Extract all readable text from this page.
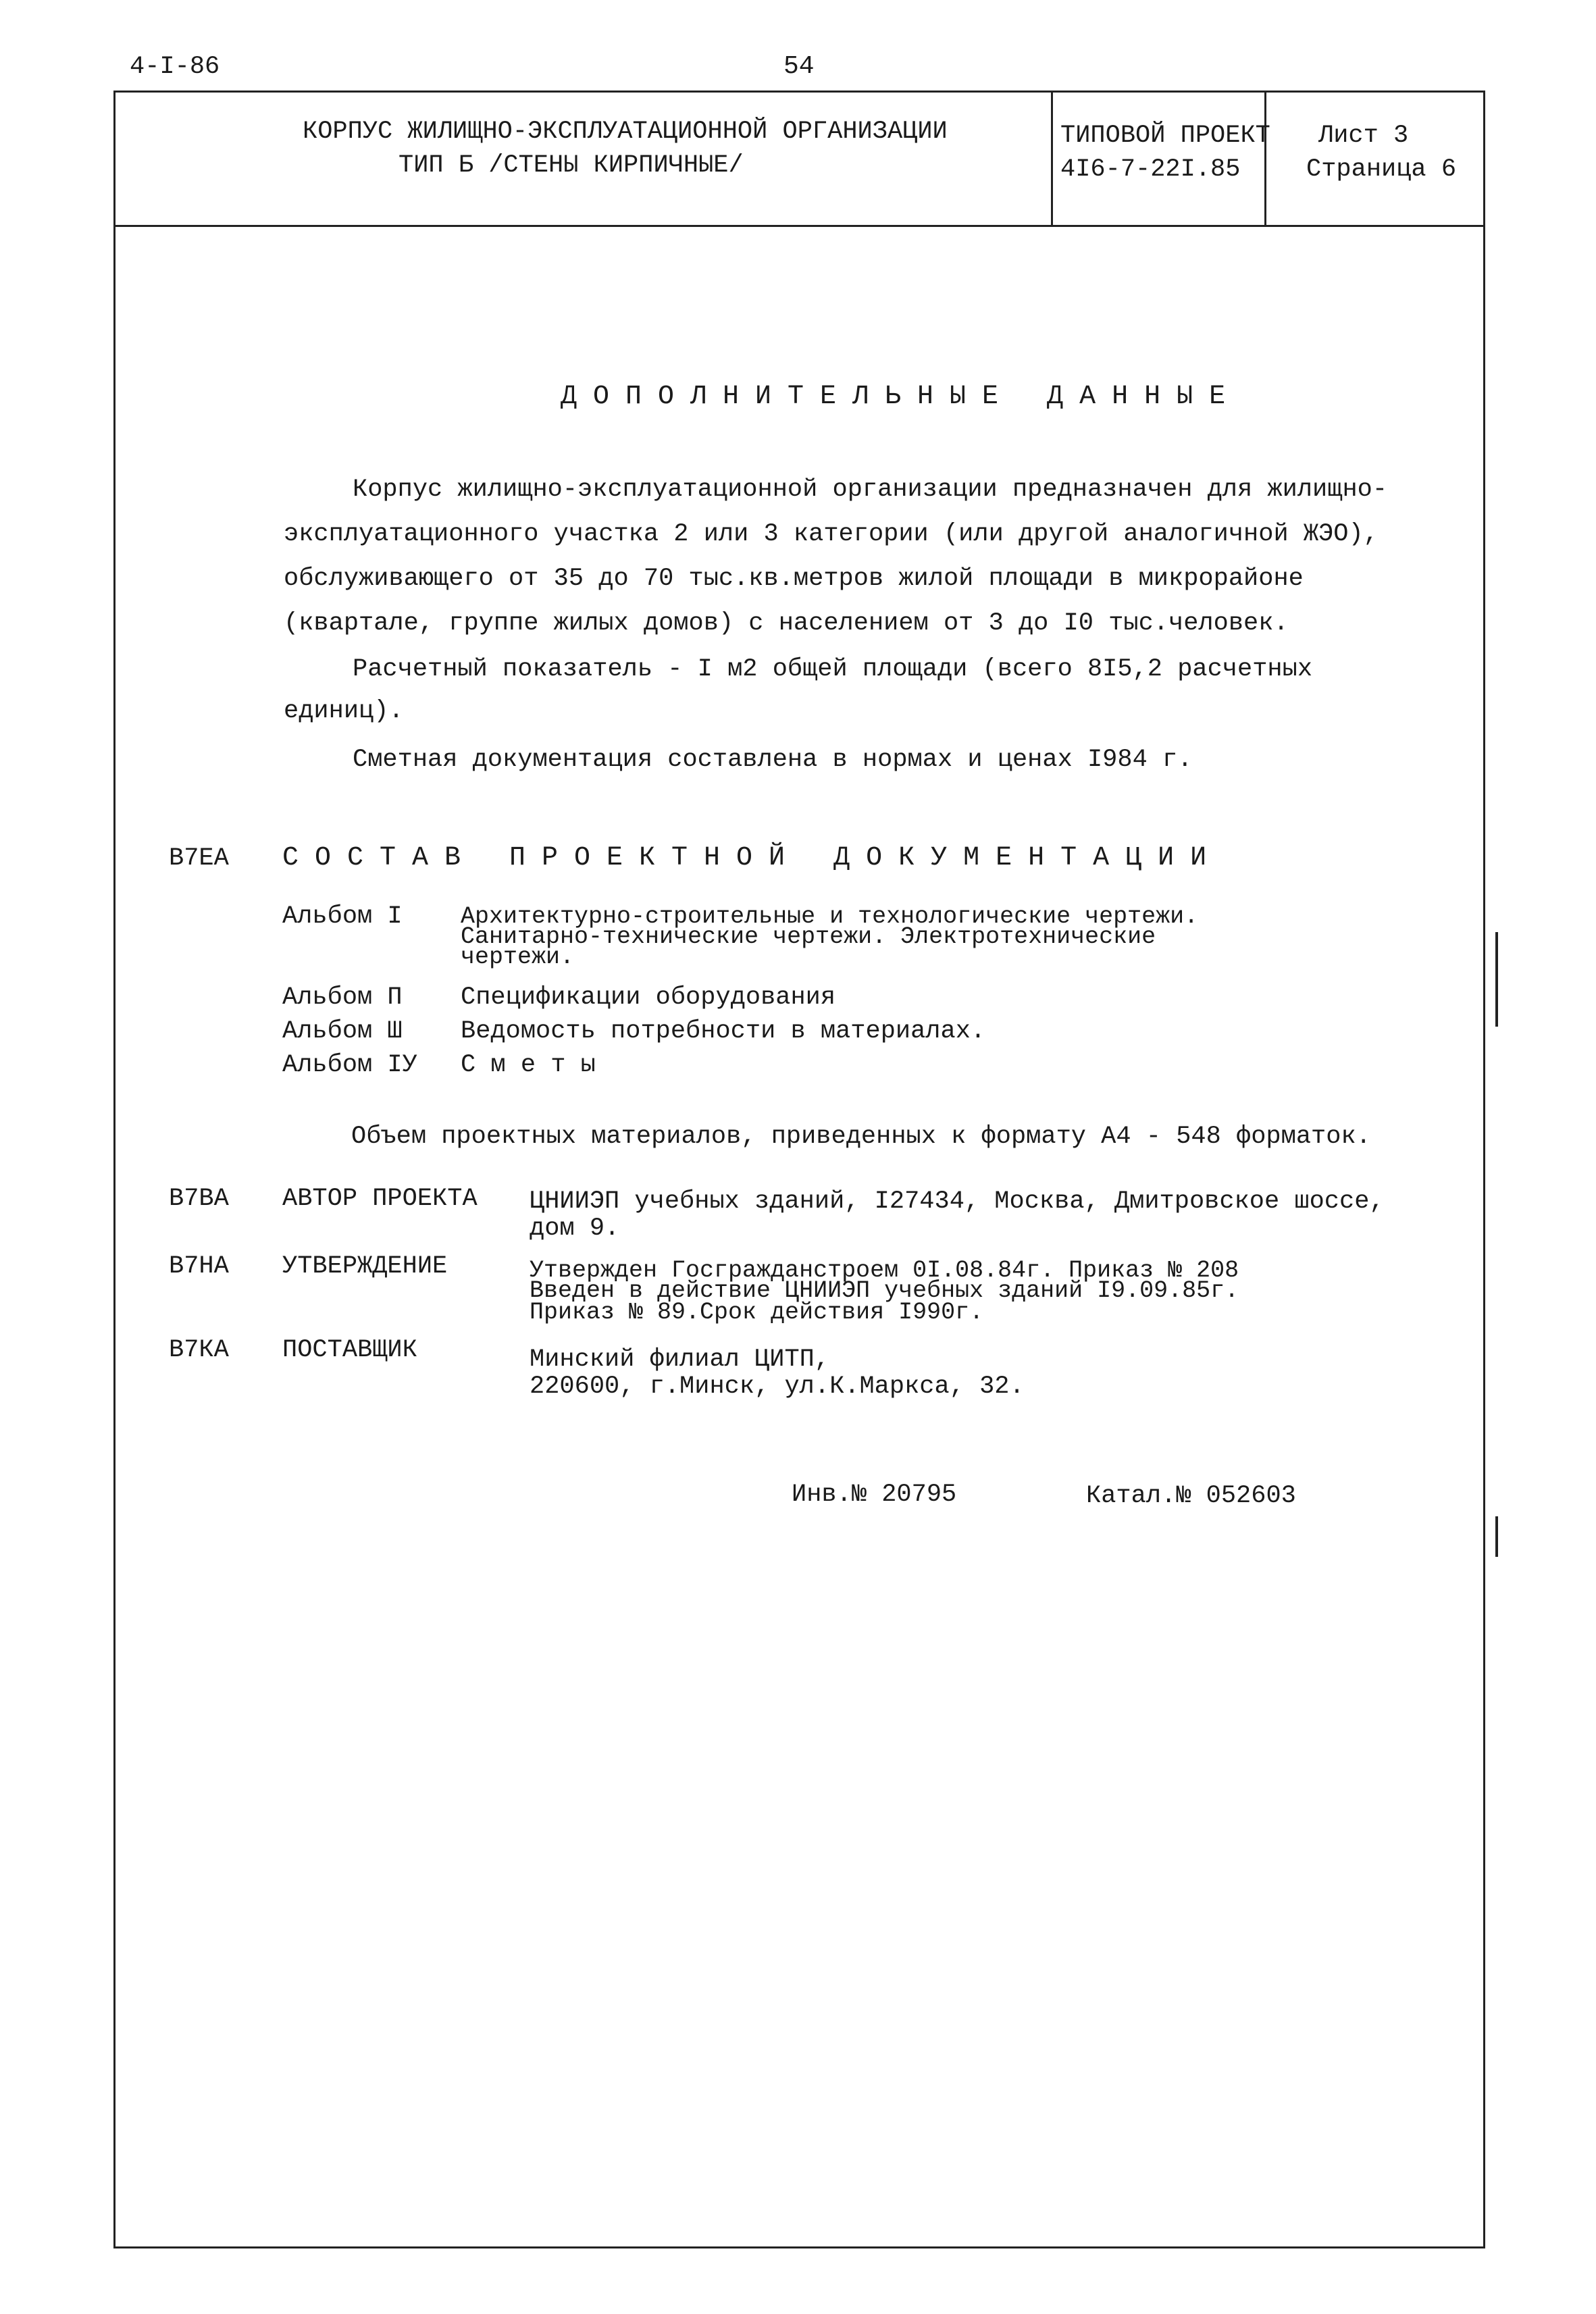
4-I-86	54
КОРПУС ЖИЛИЩНО-ЭКСПЛУАТАЦИОННОЙ ОРГАНИЗАЦИИ
ТИП Б /СТЕНЫ КИРПИЧНЫЕ/
ТИПОВОЙ ПРОЕКТ
4I6-7-22I.85
Лист 3
Страница 6
ДОПОЛНИТЕЛЬНЫЕ ДАННЫЕ
Корпус жилищно-эксплуатационной организации предназначен для жилищно-
эксплуатационного участка 2 или 3 категории (или другой аналогичной ЖЭО),
обслуживающего от 35 до 70 тыс.кв.метров жилой площади в микрорайоне
(квартале, группе жилых домов) с населением от 3 до I0 тыс.человек.
Расчетный показатель - I м2 общей площади (всего 8I5,2 расчетных
единиц).
Сметная документация составлена в нормах и ценах I984 г.
В7ЕА СОСТАВ ПРОЕКТНОЙ ДОКУМЕНТАЦИИ
Альбом I Архитектурно-строительные и технологические чертежи.
Санитарно-технические чертежи. Электротехнические
чертежи.
Альбом П Спецификации оборудования
Альбом Ш Ведомость потребности в материалах.
Альбом IУ С м е т ы
Объем проектных материалов, приведенных к формату А4 - 548 форматок.
В7ВА АВТОР ПРОЕКТА ЦНИИЭП учебных зданий, I27434, Москва, Дмитровское шоссе,
дом 9.
В7НА УТВЕРЖДЕНИЕ	Утвержден Госгражданстроем 0I.08.84г. Приказ № 208
Введен в действие ЦНИИЭП учебных зданий I9.09.85г.
Приказ № 89.Срок действия I990г.
В7КА ПОСТАВЩИК	Минский филиал ЦИТП,
220600, г.Минск, ул.К.Маркса, 32.
Инв.№ 20795	Катал.№ 052603
